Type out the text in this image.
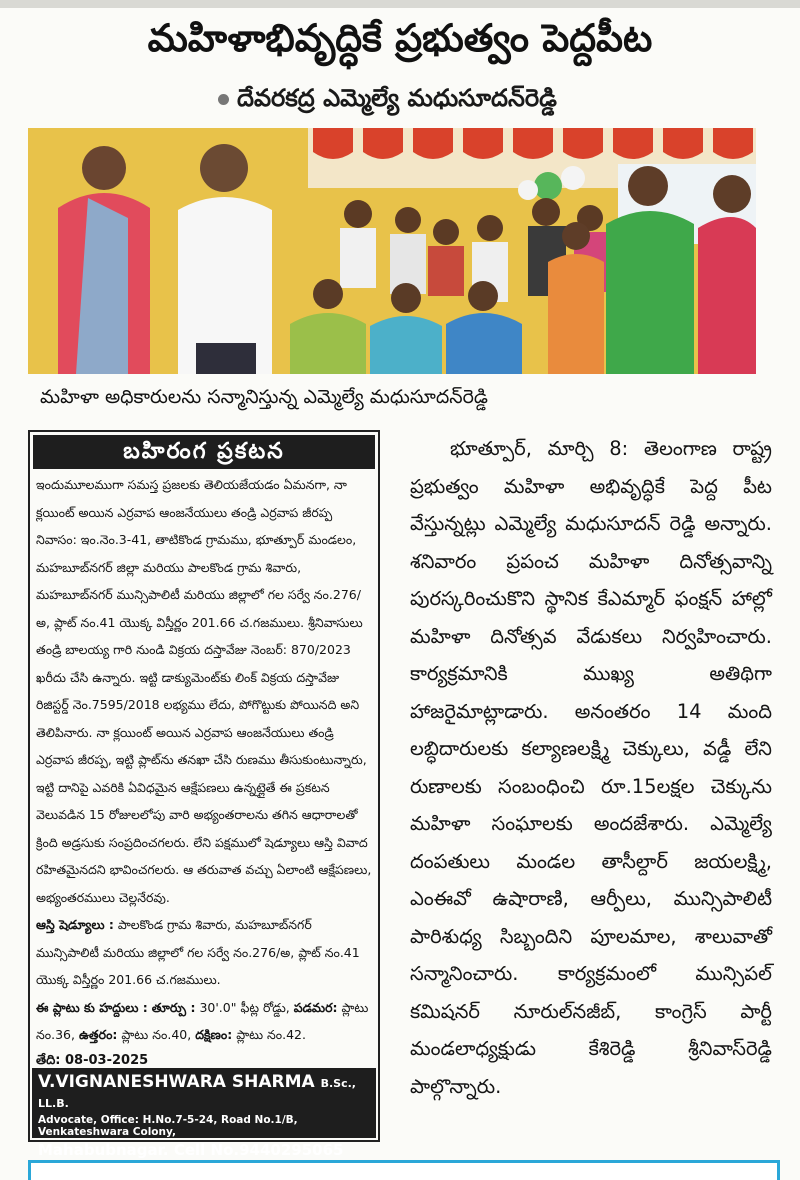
మహిళాభివృద్ధికే ప్రభుత్వం పెద్దపీట
దేవరకద్ర ఎమ్మెల్యే మధుసూదన్‌రెడ్డి
మహిళా అధికారులను సన్మానిస్తున్న ఎమ్మెల్యే మధుసూదన్‌రెడ్డి
బహిరంగ ప్రకటన

ఇందుమూలముగా సమస్త ప్రజలకు తెలియజేయడం ఏమనగా, నా క్లయింట్ అయిన ఎర్రవాప ఆంజనేయులు తండ్రి ఎర్రవాప జీరప్ప నివాసం: ఇం.నెం.3-41, తాటికొండ గ్రామము, భూత్పూర్ మండలం, మహబూబ్‌నగర్ జిల్లా మరియు పాలకొండ గ్రామ శివారు, మహబూబ్‌నగర్ మున్సిపాలిటీ మరియు జిల్లాలో గల సర్వే నం.276/అ, ప్లాట్ నం.41 యొక్క విస్తీర్ణం 201.66 చ.గజములు. శ్రీనివాసులు తండ్రి బాలయ్య గారి నుండి విక్రయ దస్తావేజు నెంబర్: 870/2023 ఖరీదు చేసి ఉన్నారు. ఇట్టి డాక్యుమెంట్‌కు లింక్ విక్రయ దస్తావేజు రిజిస్టర్డ్ నెం.7595/2018 లభ్యము లేదు, పోగొట్టుకు పోయినది అని తెలిపినారు. నా క్లయింట్ అయిన ఎర్రవాప ఆంజనేయులు తండ్రి ఎర్రవాప జీరప్ప, ఇట్టి ప్లాట్‌ను తనఖా చేసి రుణము తీసుకుంటున్నారు, ఇట్టి దానిపై ఎవరికి ఏవిధమైన ఆక్షేపణలు ఉన్నట్లైతే ఈ ప్రకటన వెలువడిన 15 రోజులలోపు వారి అభ్యంతరాలను తగిన ఆధారాలతో క్రింది అడ్రసుకు సంప్రదించగలరు. లేని పక్షములో షెడ్యూలు ఆస్తి వివాద రహితమైనదని భావించగలరు. ఆ తరువాత వచ్చు ఏలాంటి ఆక్షేపణలు, అభ్యంతరములు చెల్లనేరవు.

ఆస్తి షెడ్యూలు : పాలకొండ గ్రామ శివారు, మహబూబ్‌నగర్ మున్సిపాలిటీ మరియు జిల్లాలో గల సర్వే నం.276/అ, ప్లాట్ నం.41 యొక్క విస్తీర్ణం 201.66 చ.గజములు.

ఈ ప్లాటు కు హద్దులు : తూర్పు : 30'.0" ఫీట్ల రోడ్డు, పడమర: ప్లాటు నం.36, ఉత్తరం: ప్లాటు నం.40, దక్షిణం: ప్లాటు నం.42.

తేది: 08-03-2025

V.VIGNANESHWARA SHARMA B.Sc., LL.B.
Advocate, Office: H.No.7-5-24, Road No.1/B, Venkateshwara Colony,
Mahabubnagar. Cell No.9440295065

భూత్పూర్, మార్చి 8: తెలంగాణ రాష్ట్ర ప్రభుత్వం మహిళా అభివృద్ధికే పెద్ద పీట వేస్తున్నట్లు ఎమ్మెల్యే మధుసూదన్ రెడ్డి అన్నారు. శనివారం ప్రపంచ మహిళా దినోత్సవాన్ని పురస్కరించుకొని స్థానిక కేఎమ్మార్ ఫంక్షన్ హాల్లో మహిళా దినోత్సవ వేడుకలు నిర్వహించారు. కార్యక్రమానికి ముఖ్య అతిథిగా హాజరైమాట్లాడారు. అనంతరం 14 మంది లబ్ధిదారులకు కల్యాణలక్ష్మి చెక్కులు, వడ్డీ లేని రుణాలకు సంబంధించి రూ.15లక్షల చెక్కును మహిళా సంఘాలకు అందజేశారు. ఎమ్మెల్యే దంపతులు మండల తాసీల్దార్ జయలక్ష్మి, ఎంఈవో ఉషారాణి, ఆర్పీలు, మున్సిపాలిటీ పారిశుధ్య సిబ్బందిని పూలమాల, శాలువాతో సన్మానించారు. కార్యక్రమంలో మున్సిపల్ కమిషనర్ నూరుల్‌నజీబ్, కాంగ్రెస్ పార్టీ మండలాధ్యక్షుడు కేశిరెడ్డి శ్రీనివాస్‌రెడ్డి పాల్గొన్నారు.
